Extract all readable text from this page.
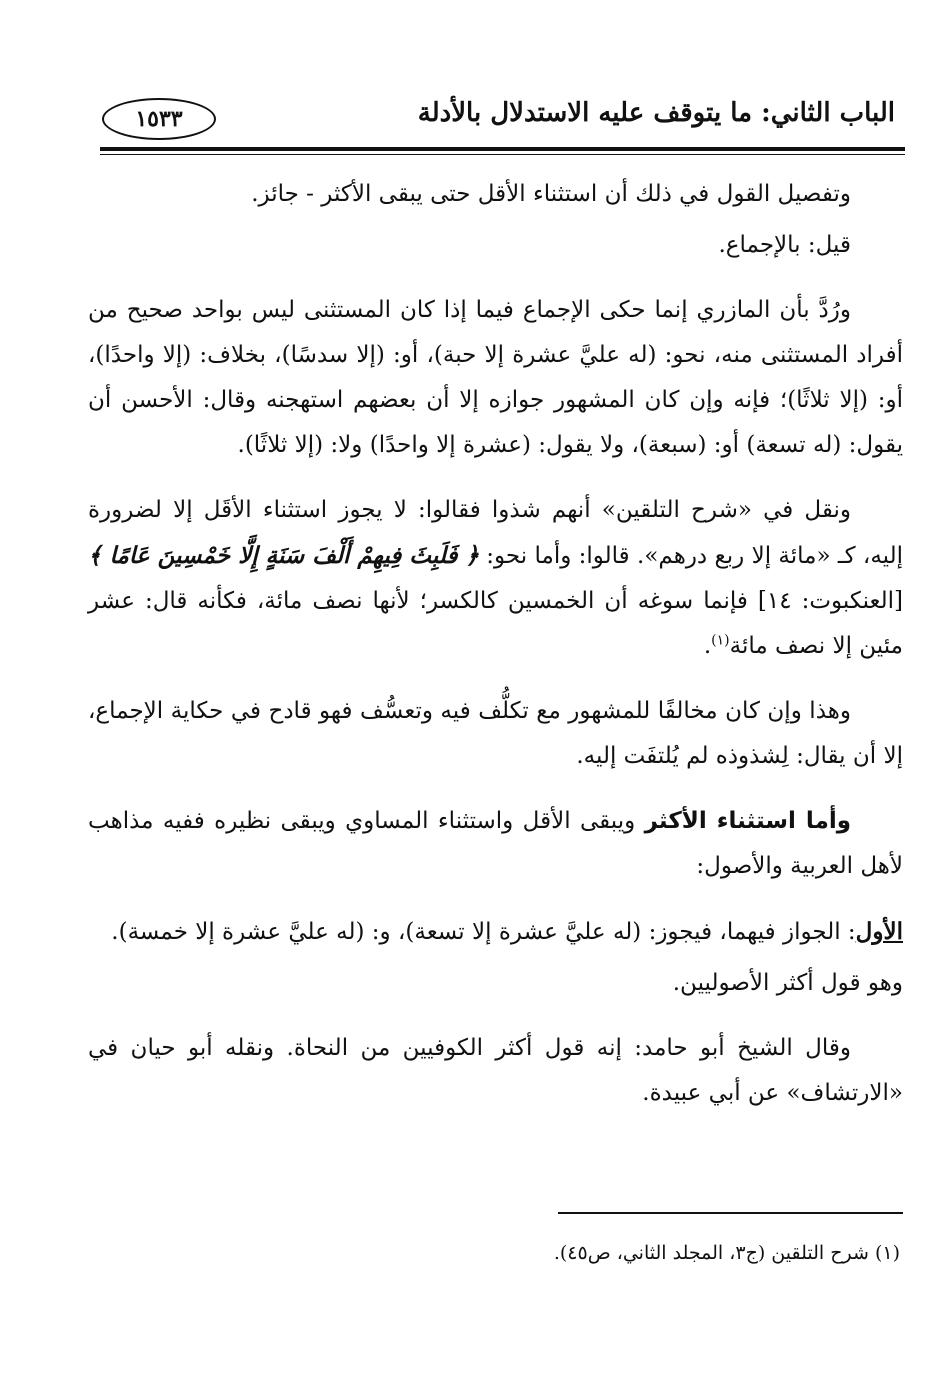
الباب الثاني: ما يتوقف عليه الاستدلال بالأدلة
١٥٣٣

وتفصيل القول في ذلك أن استثناء الأقل حتى يبقى الأكثر - جائز.

قيل: بالإجماع.

ورُدَّ بأن المازري إنما حكى الإجماع فيما إذا كان المستثنى ليس بواحد صحيح من أفراد المستثنى منه، نحو: (له عليَّ عشرة إلا حبة)، أو: (إلا سدسًا)، بخلاف: (إلا واحدًا)، أو: (إلا ثلاثًا)؛ فإنه وإن كان المشهور جوازه إلا أن بعضهم استهجنه وقال: الأحسن أن يقول: (له تسعة) أو: (سبعة)، ولا يقول: (عشرة إلا واحدًا) ولا: (إلا ثلاثًا).

ونقل في «شرح التلقين» أنهم شذوا فقالوا: لا يجوز استثناء الأقَل إلا لضرورة إليه، كـ «مائة إلا ربع درهم». قالوا: وأما نحو: ﴿ فَلَبِثَ فِيهِمْ أَلْفَ سَنَةٍ إِلَّا خَمْسِينَ عَامًا ﴾ [العنكبوت: ١٤] فإنما سوغه أن الخمسين كالكسر؛ لأنها نصف مائة، فكأنه قال: عشر مئين إلا نصف مائة$^{(١)}$.

وهذا وإن كان مخالفًا للمشهور مع تكلُّف فيه وتعسُّف فهو قادح في حكاية الإجماع، إلا أن يقال: لِشذوذه لم يُلتفَت إليه.

وأما استثناء الأكثر ويبقى الأقل واستثناء المساوي ويبقى نظيره ففيه مذاهب لأهل العربية والأصول:

الأول: الجواز فيهما، فيجوز: (له عليَّ عشرة إلا تسعة)، و: (له عليَّ عشرة إلا خمسة).

وهو قول أكثر الأصوليين.

وقال الشيخ أبو حامد: إنه قول أكثر الكوفيين من النحاة. ونقله أبو حيان في «الارتشاف» عن أبي عبيدة.

(١) شرح التلقين (ج٣، المجلد الثاني، ص٤٥).
